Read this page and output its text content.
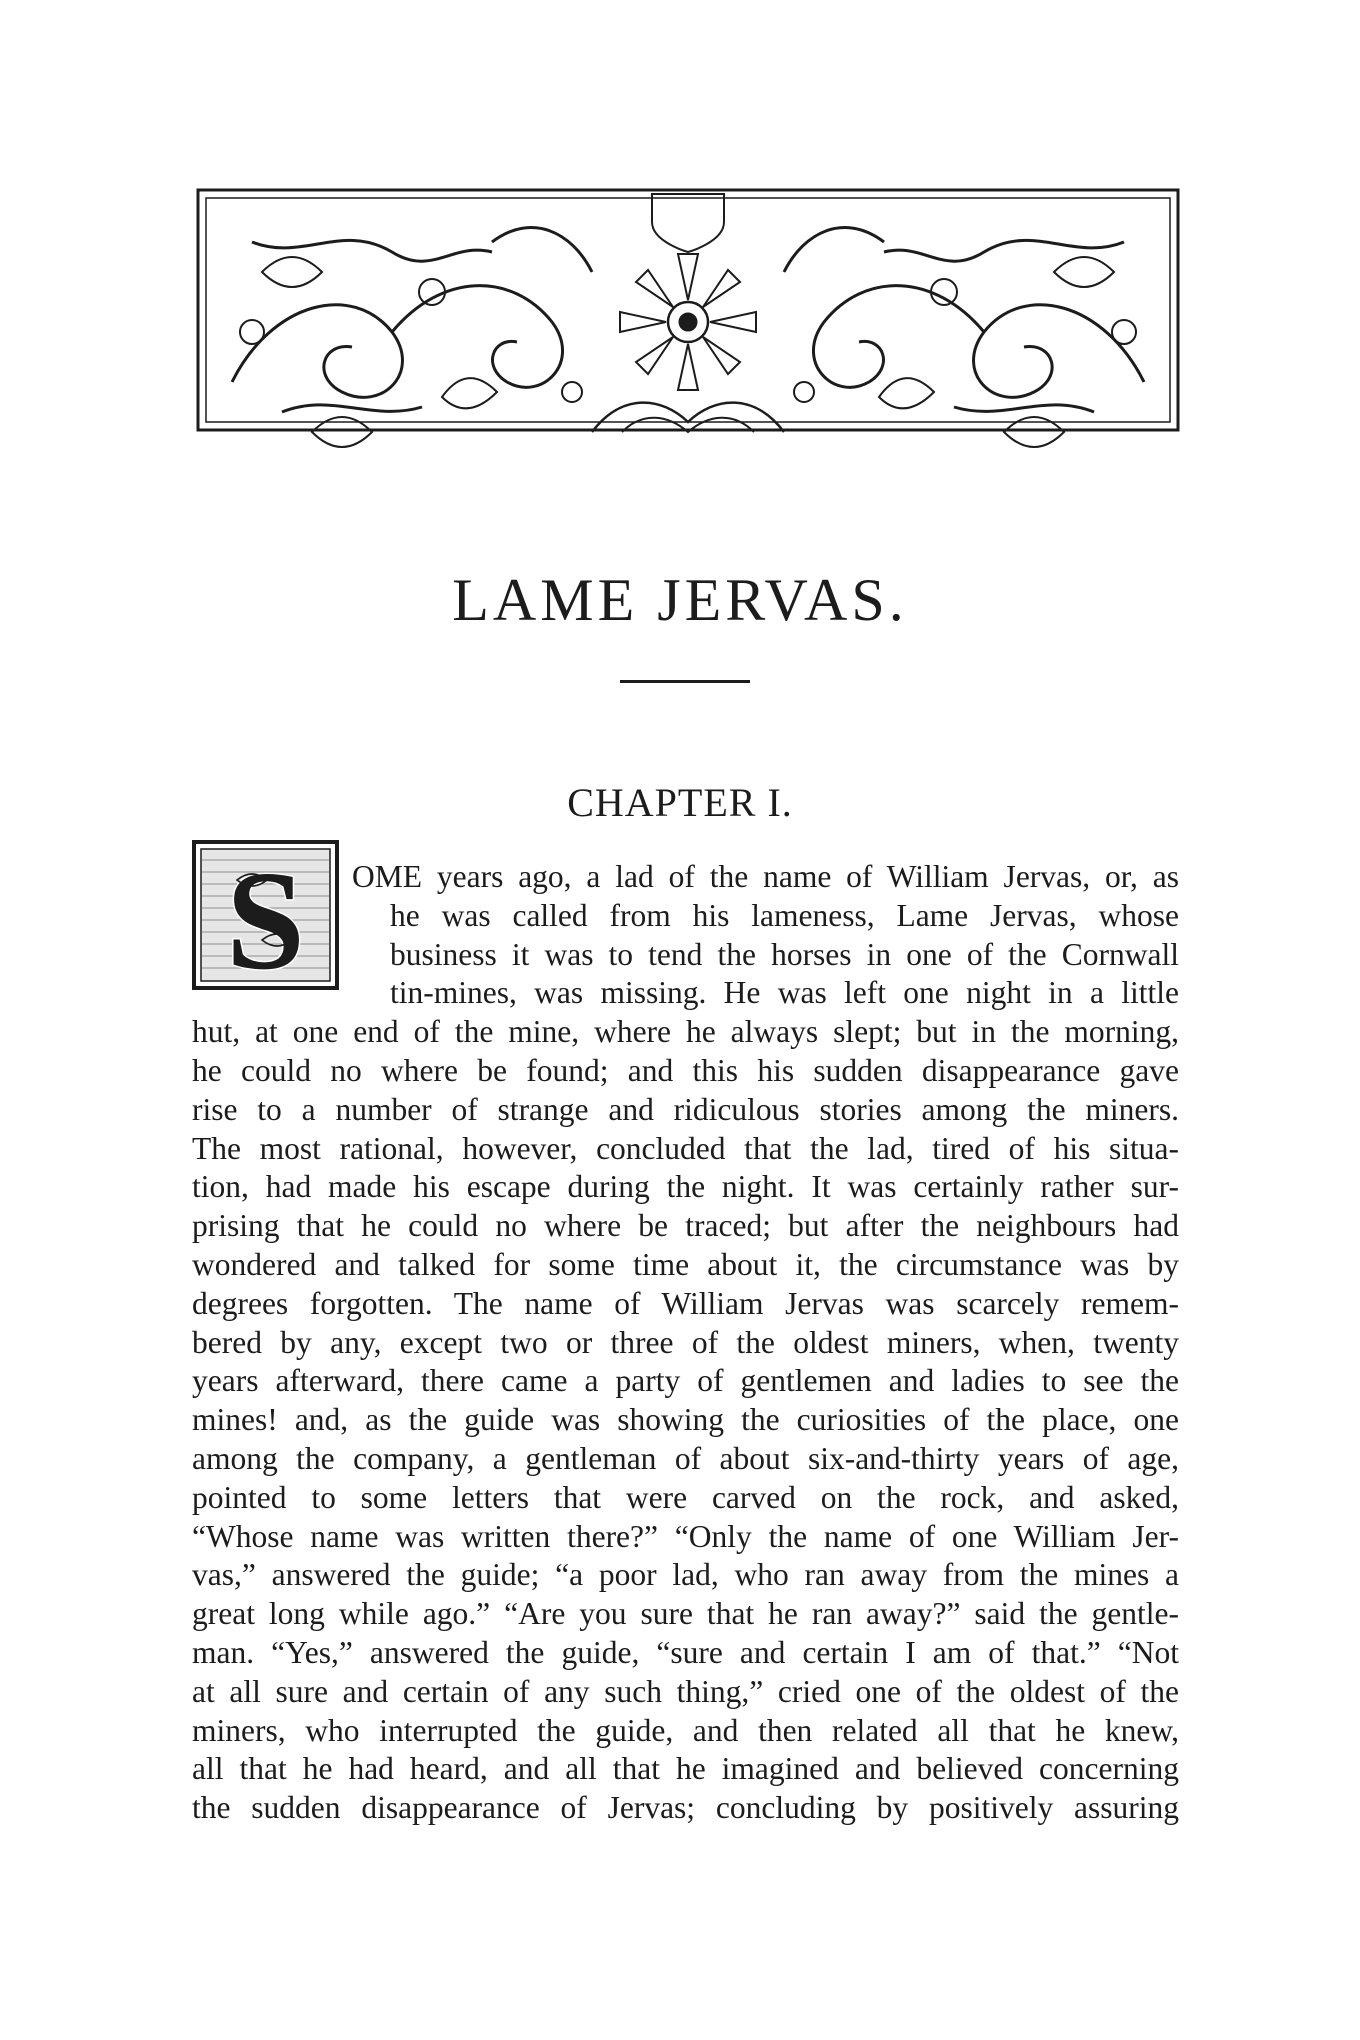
LAME JERVAS.
CHAPTER I.
S	OME years ago, a lad of the name of William Jervas, or, as
he was called from his lameness, Lame Jervas, whose
business it was to tend the horses in one of the Cornwall
tin-mines, was missing. He was left one night in a little
hut, at one end of the mine, where he always slept; but in the morning,
he could no where be found; and this his sudden disappearance gave
rise to a number of strange and ridiculous stories among the miners.
The most rational, however, concluded that the lad, tired of his situa-
tion, had made his escape during the night. It was certainly rather sur-
prising that he could no where be traced; but after the neighbours had
wondered and talked for some time about it, the circumstance was by
degrees forgotten. The name of William Jervas was scarcely remem-
bered by any, except two or three of the oldest miners, when, twenty
years afterward, there came a party of gentlemen and ladies to see the
mines! and, as the guide was showing the curiosities of the place, one
among the company, a gentleman of about six-and-thirty years of age,
pointed to some letters that were carved on the rock, and asked,
“Whose name was written there?” “Only the name of one William Jer-
vas,” answered the guide; “a poor lad, who ran away from the mines a
great long while ago.” “Are you sure that he ran away?” said the gentle-
man. “Yes,” answered the guide, “sure and certain I am of that.” “Not
at all sure and certain of any such thing,” cried one of the oldest of the
miners, who interrupted the guide, and then related all that he knew,
all that he had heard, and all that he imagined and believed concerning
the sudden disappearance of Jervas; concluding by positively assuring
